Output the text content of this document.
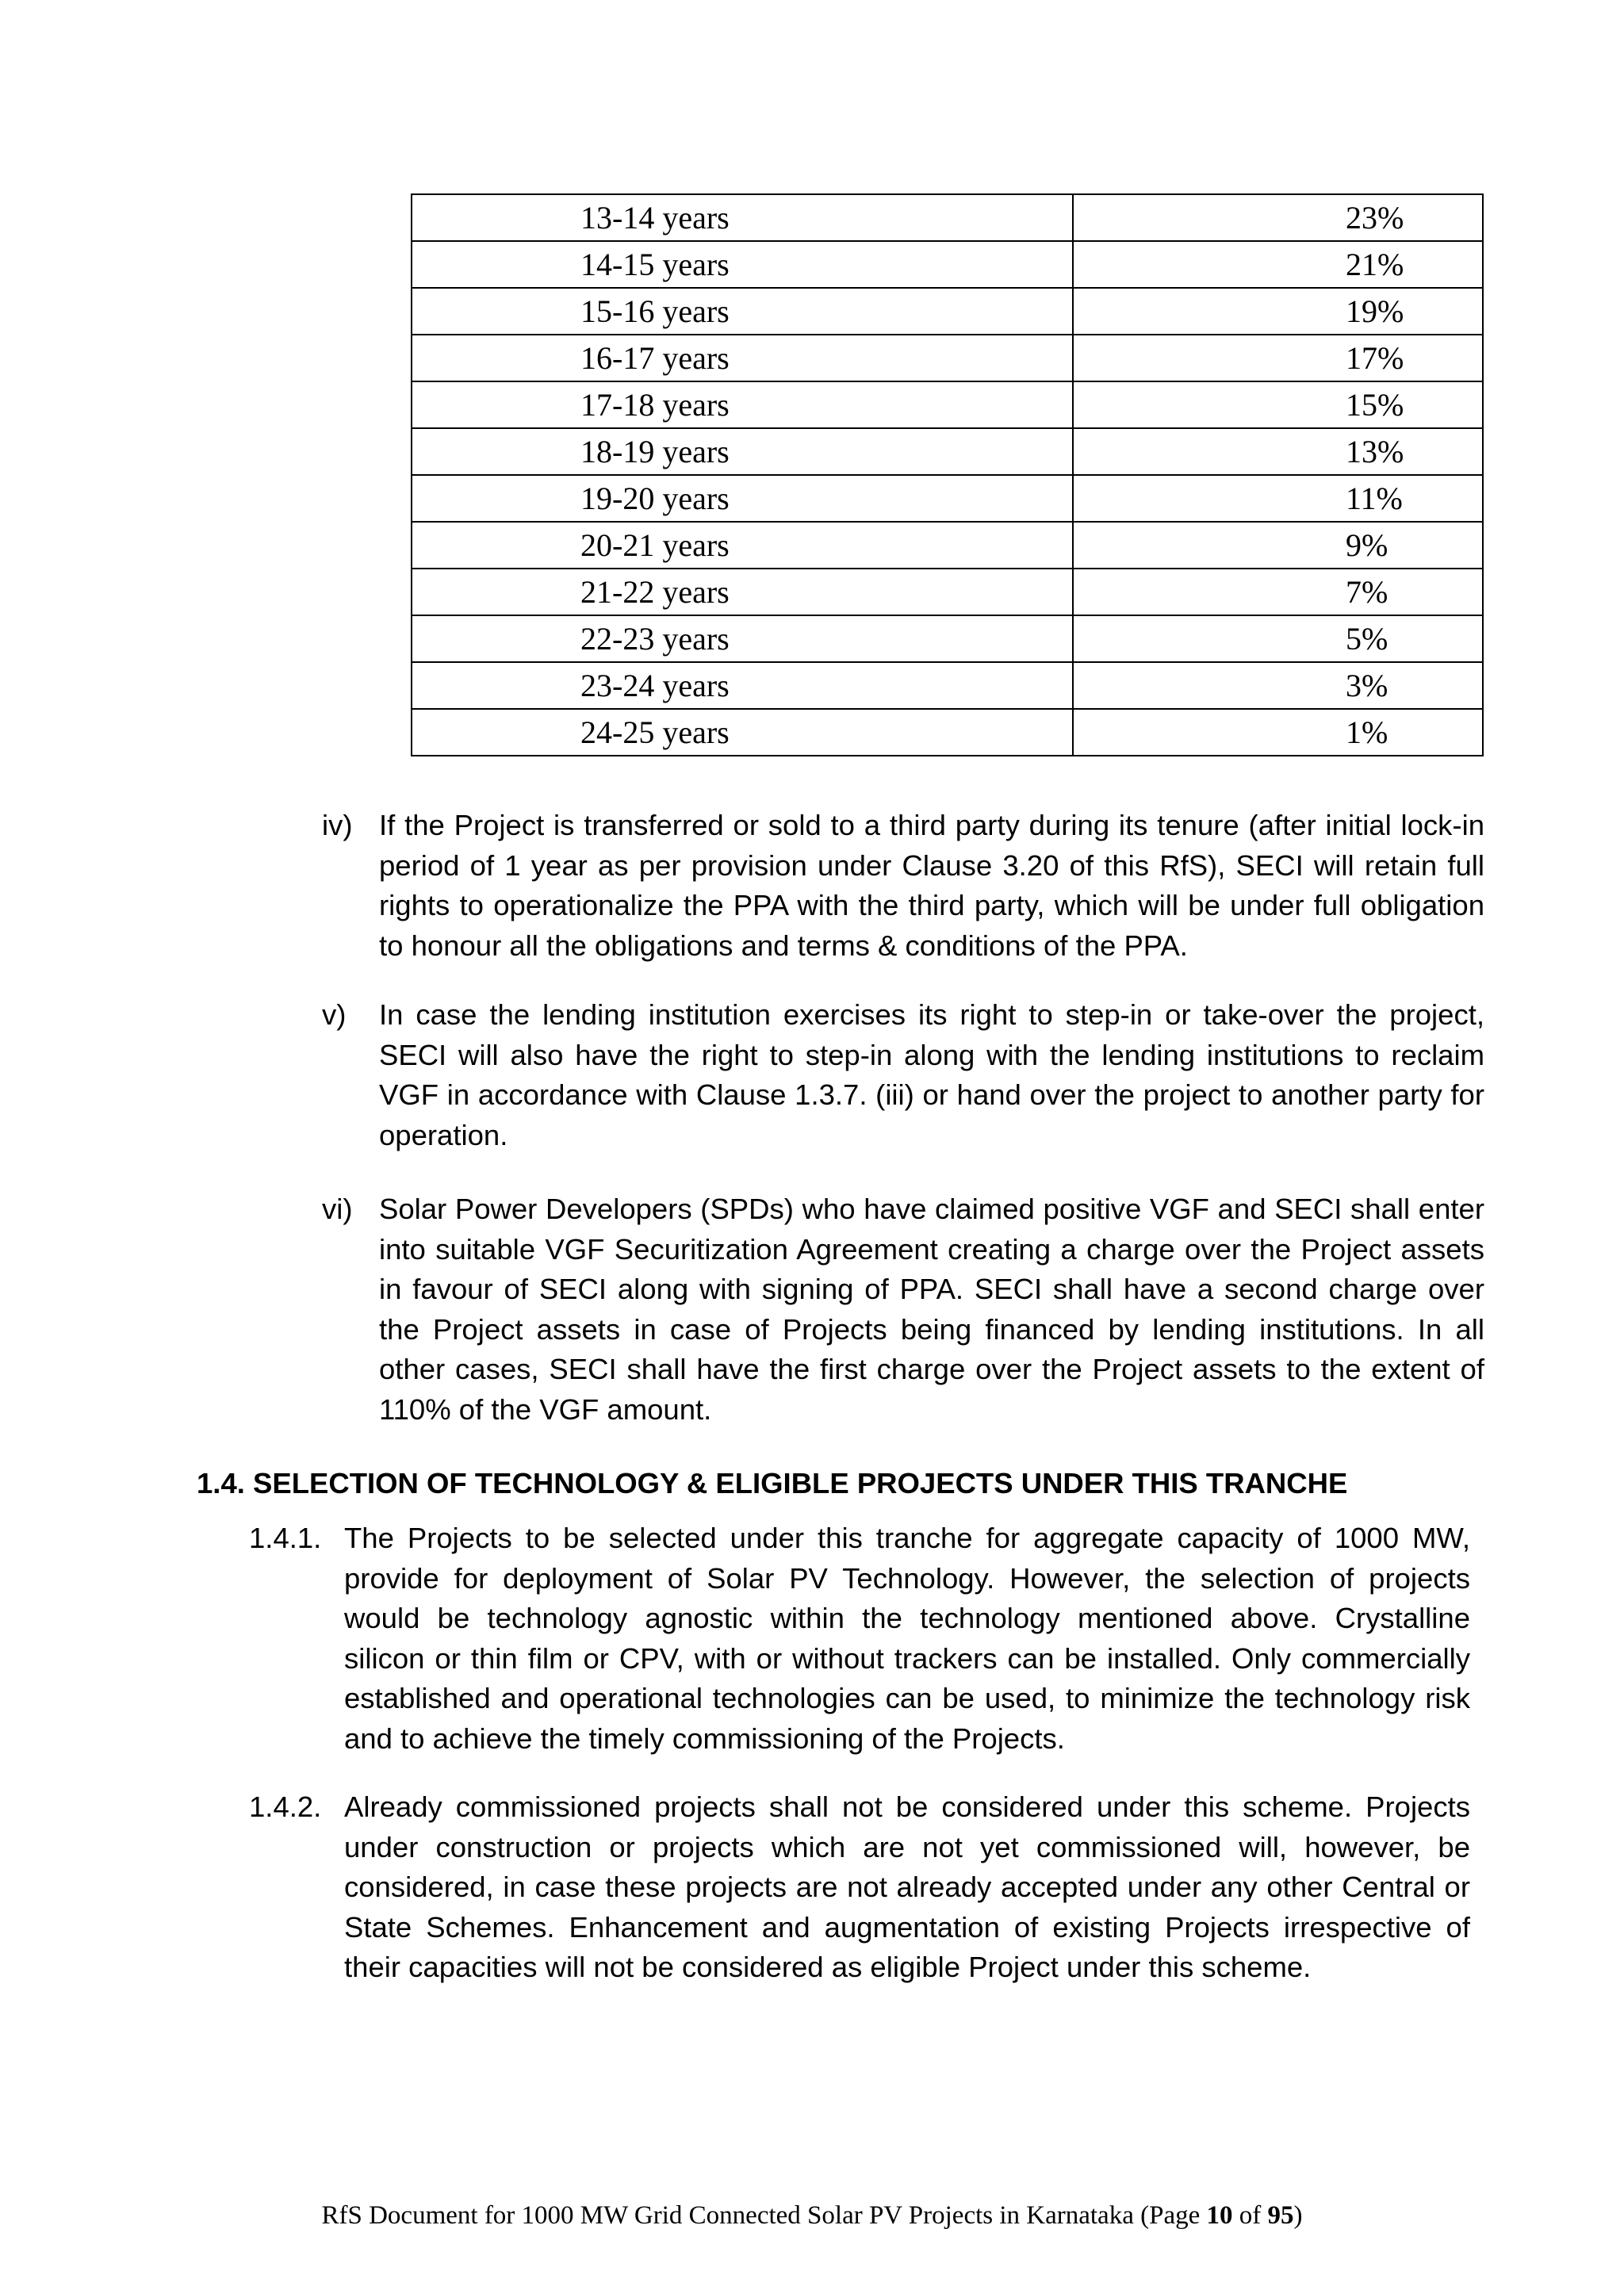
13-14 years	23%
14-15 years	21%
15-16 years	19%
16-17 years	17%
17-18 years	15%
18-19 years	13%
19-20 years	11%
20-21 years	9%
21-22 years	7%
22-23 years	5%
23-24 years	3%
24-25 years	1%
iv) If the Project is transferred or sold to a third party during its tenure (after initial lock-in period of 1 year as per provision under Clause 3.20 of this RfS), SECI will retain full rights to operationalize the PPA with the third party, which will be under full obligation to honour all the obligations and terms & conditions of the PPA.
v) In case the lending institution exercises its right to step-in or take-over the project, SECI will also have the right to step-in along with the lending institutions to reclaim VGF in accordance with Clause 1.3.7. (iii) or hand over the project to another party for operation.
vi) Solar Power Developers (SPDs) who have claimed positive VGF and SECI shall enter into suitable VGF Securitization Agreement creating a charge over the Project assets in favour of SECI along with signing of PPA. SECI shall have a second charge over the Project assets in case of Projects being financed by lending institutions. In all other cases, SECI shall have the first charge over the Project assets to the extent of 110% of the VGF amount.
1.4. SELECTION OF TECHNOLOGY & ELIGIBLE PROJECTS UNDER THIS TRANCHE
1.4.1. The Projects to be selected under this tranche for aggregate capacity of 1000 MW, provide for deployment of Solar PV Technology. However, the selection of projects would be technology agnostic within the technology mentioned above. Crystalline silicon or thin film or CPV, with or without trackers can be installed. Only commercially established and operational technologies can be used, to minimize the technology risk and to achieve the timely commissioning of the Projects.
1.4.2. Already commissioned projects shall not be considered under this scheme. Projects under construction or projects which are not yet commissioned will, however, be considered, in case these projects are not already accepted under any other Central or State Schemes. Enhancement and augmentation of existing Projects irrespective of their capacities will not be considered as eligible Project under this scheme.
RfS Document for 1000 MW Grid Connected Solar PV Projects in Karnataka (Page 10 of 95)
